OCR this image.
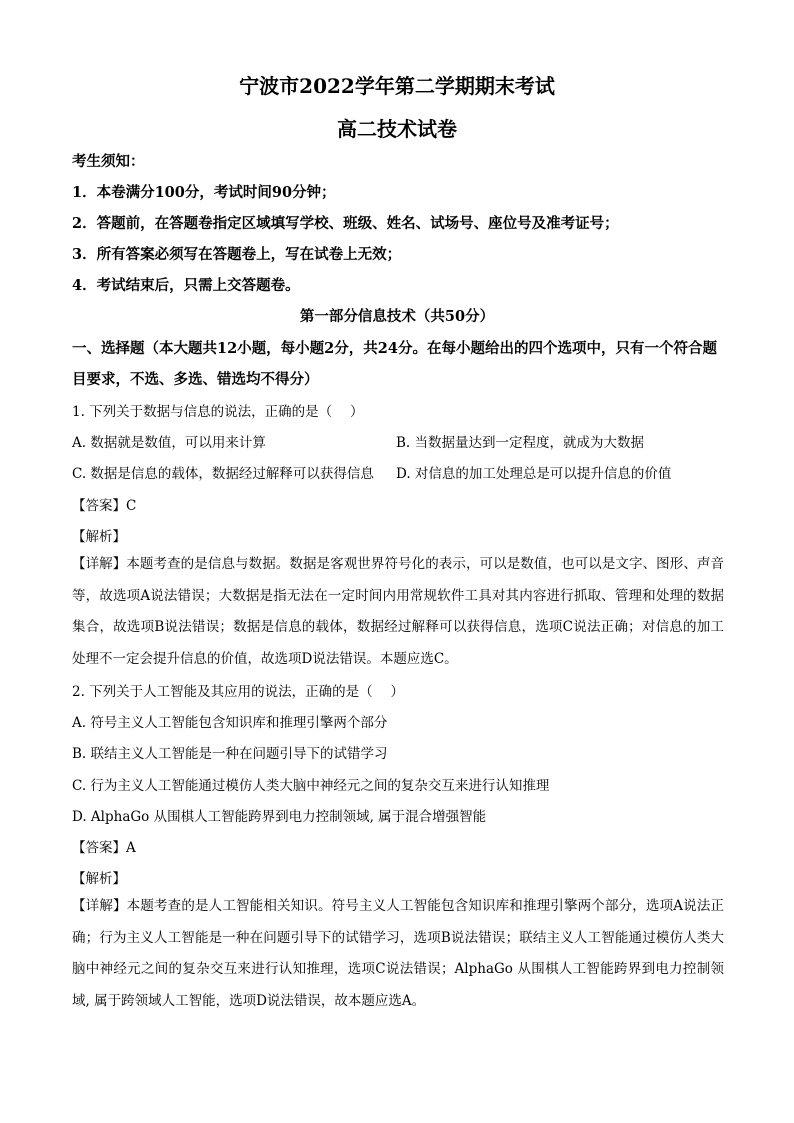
宁波市2022学年第二学期期末考试
高二技术试卷
考生须知：
1．本卷满分100分，考试时间90分钟；
2．答题前，在答题卷指定区域填写学校、班级、姓名、试场号、座位号及准考证号；
3．所有答案必须写在答题卷上，写在试卷上无效；
4．考试结束后，只需上交答题卷。
第一部分信息技术（共50分）
一、选择题（本大题共12小题，每小题2分，共24分。在每小题给出的四个选项中，只有一个符合题目要求，不选、多选、错选均不得分）
1. 下列关于数据与信息的说法，正确的是（　 ）
A. 数据就是数值，可以用来计算	B. 当数据量达到一定程度，就成为大数据
C. 数据是信息的载体，数据经过解释可以获得信息 D. 对信息的加工处理总是可以提升信息的价值
【答案】C
【解析】
【详解】本题考查的是信息与数据。数据是客观世界符号化的表示，可以是数值，也可以是文字、图形、声音等，故选项A说法错误；大数据是指无法在一定时间内用常规软件工具对其内容进行抓取、管理和处理的数据集合，故选项B说法错误；数据是信息的载体，数据经过解释可以获得信息，选项C说法正确；对信息的加工处理不一定会提升信息的价值，故选项D说法错误。本题应选C。
2. 下列关于人工智能及其应用的说法，正确的是（　 ）
A. 符号主义人工智能包含知识库和推理引擎两个部分
B. 联结主义人工智能是一种在问题引导下的试错学习
C. 行为主义人工智能通过模仿人类大脑中神经元之间的复杂交互来进行认知推理
D. AlphaGo 从围棋人工智能跨界到电力控制领域, 属于混合增强智能
【答案】A
【解析】
【详解】本题考查的是人工智能相关知识。符号主义人工智能包含知识库和推理引擎两个部分，选项A说法正确；行为主义人工智能是一种在问题引导下的试错学习，选项B说法错误；联结主义人工智能通过模仿人类大脑中神经元之间的复杂交互来进行认知推理，选项C说法错误；AlphaGo 从围棋人工智能跨界到电力控制领域, 属于跨领域人工智能，选项D说法错误，故本题应选A。
